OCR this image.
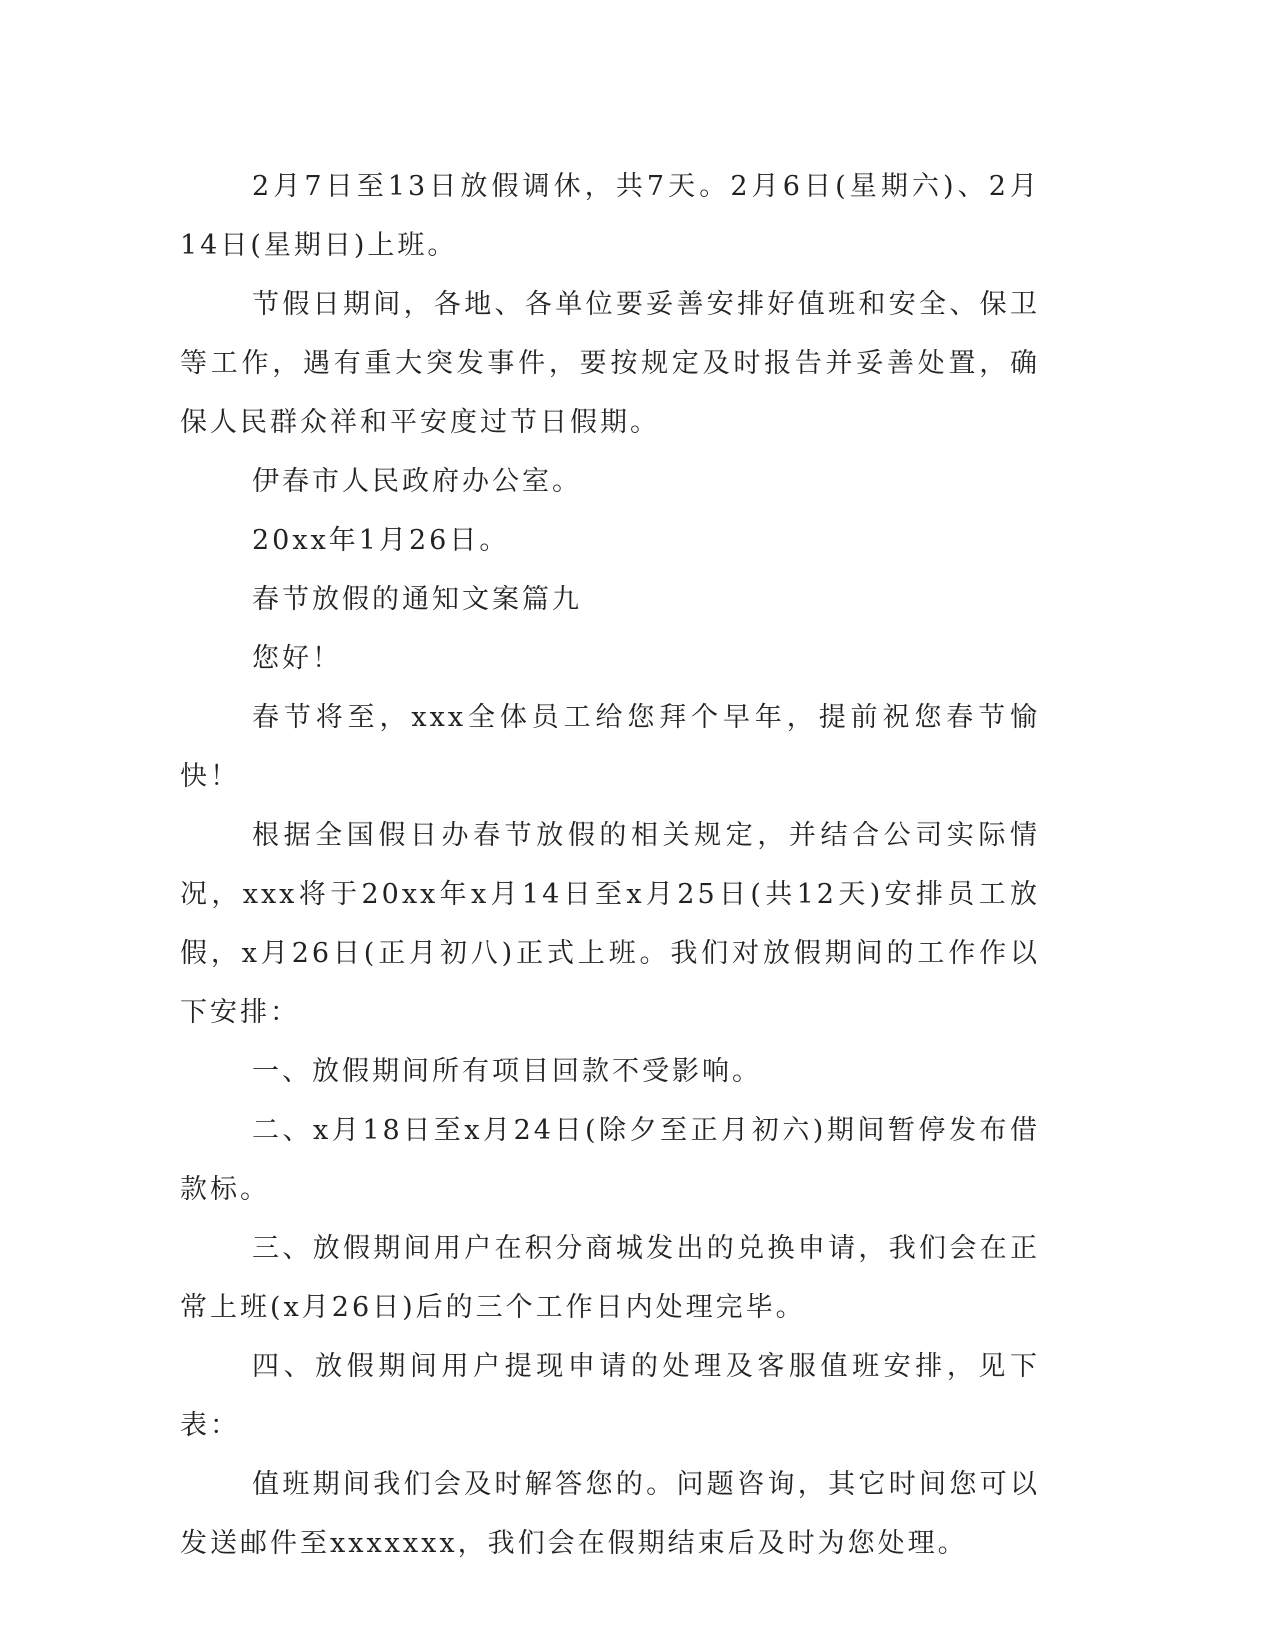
2月7日至13日放假调休，共7天。2月6日(星期六)、2月14日(星期日)上班。

节假日期间，各地、各单位要妥善安排好值班和安全、保卫等工作，遇有重大突发事件，要按规定及时报告并妥善处置，确保人民群众祥和平安度过节日假期。

伊春市人民政府办公室。

20xx年1月26日。

春节放假的通知文案篇九

您好！

春节将至，xxx全体员工给您拜个早年，提前祝您春节愉快！

根据全国假日办春节放假的相关规定，并结合公司实际情况，xxx将于20xx年x月14日至x月25日(共12天)安排员工放假，x月26日(正月初八)正式上班。我们对放假期间的工作作以下安排：

一、放假期间所有项目回款不受影响。

二、x月18日至x月24日(除夕至正月初六)期间暂停发布借款标。

三、放假期间用户在积分商城发出的兑换申请，我们会在正常上班(x月26日)后的三个工作日内处理完毕。

四、放假期间用户提现申请的处理及客服值班安排，见下表：

值班期间我们会及时解答您的。问题咨询，其它时间您可以发送邮件至xxxxxxx，我们会在假期结束后及时为您处理。
